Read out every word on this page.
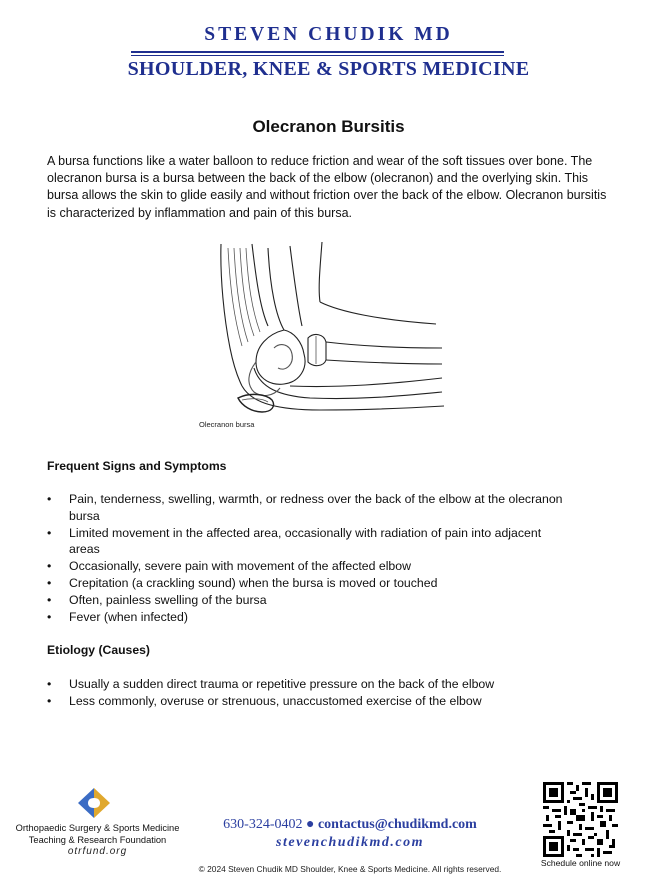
STEVEN CHUDIK MD
SHOULDER, KNEE & SPORTS MEDICINE
Olecranon Bursitis
A bursa functions like a water balloon to reduce friction and wear of the soft tissues over bone. The olecranon bursa is a bursa between the back of the elbow (olecranon) and the overlying skin. This bursa allows the skin to glide easily and without friction over the back of the elbow. Olecranon bursitis is characterized by inflammation and pain of this bursa.
Olecranon bursa
Frequent Signs and Symptoms
• Pain, tenderness, swelling, warmth, or redness over the back of the elbow at the olecranon bursa
• Limited movement in the affected area, occasionally with radiation of pain into adjacent areas
• Occasionally, severe pain with movement of the affected elbow
• Crepitation (a crackling sound) when the bursa is moved or touched
• Often, painless swelling of the bursa
• Fever (when infected)
Etiology (Causes)
• Usually a sudden direct trauma or repetitive pressure on the back of the elbow
• Less commonly, overuse or strenuous, unaccustomed exercise of the elbow
Orthopaedic Surgery & Sports Medicine
Teaching & Research Foundation
otrfund.org
630-324-0402 ● contactus@chudikmd.com
stevenchudikmd.com
© 2024 Steven Chudik MD Shoulder, Knee & Sports Medicine. All rights reserved.
Schedule online now
